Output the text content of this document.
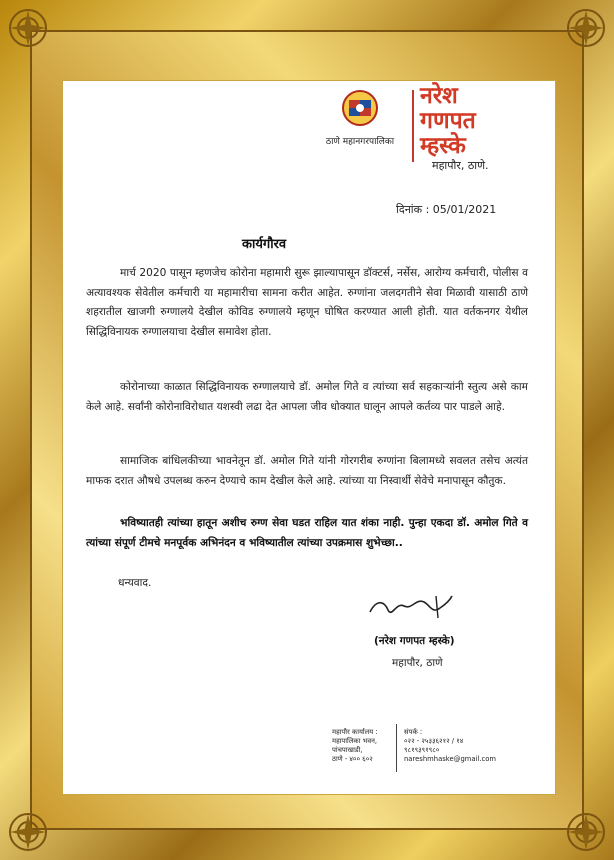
ठाणे महानगरपालिका
नरेश
गणपत
म्हस्के
महापौर, ठाणे.
दिनांक : 05/01/2021
कार्यगौरव

मार्च 2020 पासून म्हणजेच कोरोना महामारी सुरू झाल्यापासून डॉक्टर्स, नर्सेस, आरोग्य कर्मचारी, पोलीस व अत्यावश्यक सेवेतील कर्मचारी या महामारीचा सामना करीत आहेत. रुग्णांना जलदगतीने सेवा मिळावी यासाठी ठाणे शहरातील खाजगी रुग्णालये देखील कोविड रुग्णालये म्हणून घोषित करण्यात आली होती. यात वर्तकनगर येथील सिद्धिविनायक रुग्णालयाचा देखील समावेश होता.

कोरोनाच्या काळात सिद्धिविनायक रुग्णालयाचे डॉ. अमोल गिते व त्यांच्या सर्व सहकाऱ्यांनी स्तुत्य असे काम केले आहे. सर्वांनी कोरोनाविरोधात यशस्वी लढा देत आपला जीव धोक्यात घालून आपले कर्तव्य पार पाडले आहे.

सामाजिक बांधिलकीच्या भावनेतून डॉ. अमोल गिते यांनी गोरगरीब रुग्णांना बिलामध्ये सवलत तसेच अत्यंत माफक दरात औषधे उपलब्ध करुन देण्याचे काम देखील केले आहे. त्यांच्या या निस्वार्थी सेवेचे मनापासून कौतुक.

भविष्यातही त्यांच्या हातून अशीच रुग्ण सेवा घडत राहिल यात शंका नाही. पुन्हा एकदा डॉ. अमोल गिते व त्यांच्या संपूर्ण टीमचे मनपूर्वक अभिनंदन व भविष्यातील त्यांच्या उपक्रमास शुभेच्छा..

धन्यवाद.
(नरेश गणपत म्हस्के)
महापौर, ठाणे
महापौर कार्यालय :
महापालिका भवन,
पांचपाखाडी,
ठाणे - ४०० ६०२
संपर्क :
०२२ - २५३३६२१२ / १४
९८१९३९१९८०
nareshmhaske@gmail.com
